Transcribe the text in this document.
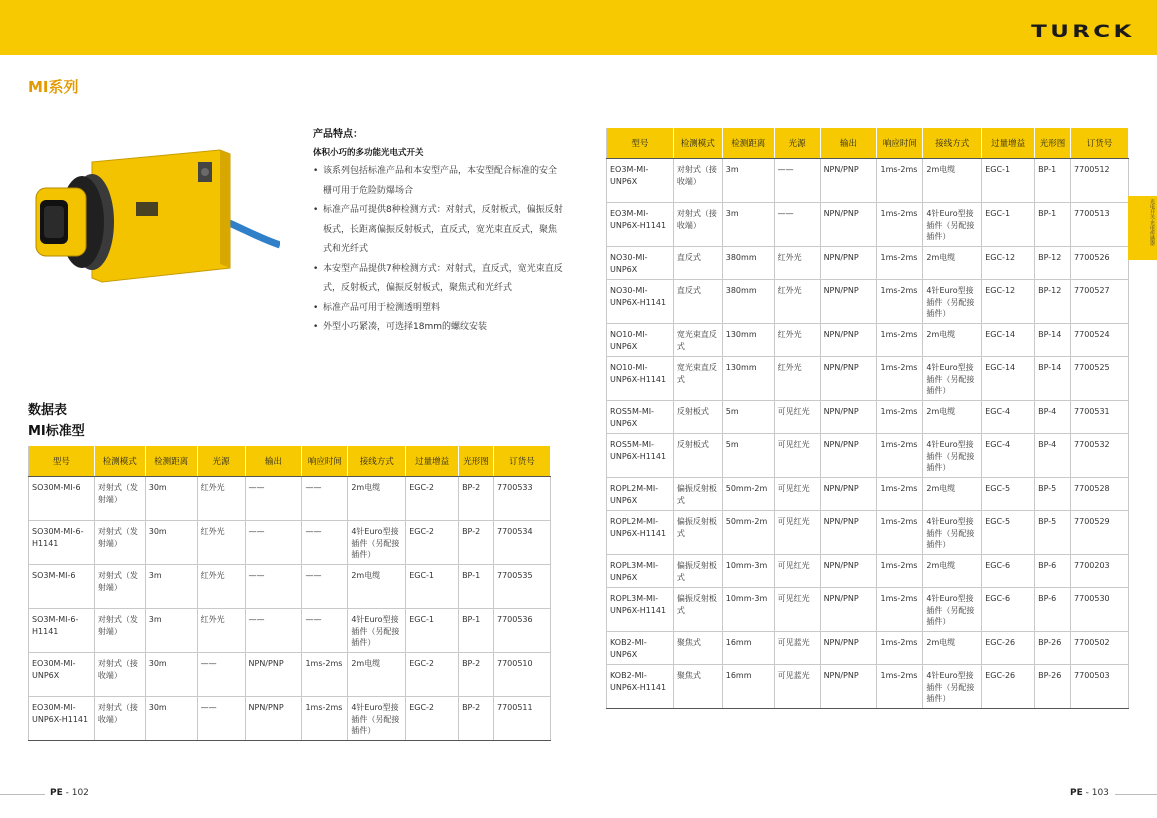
TURCK
MI系列
产品特点：
体积小巧的多功能光电式开关
• 该系列包括标准产品和本安型产品，本安型配合标准的安全栅可用于危险防爆场合
• 标准产品可提供8种检测方式：对射式，反射板式，偏振反射板式，长距离偏振反射板式，直反式，宽光束直反式，聚焦式和光纤式
• 本安型产品提供7种检测方式：对射式，直反式，宽光束直反式，反射板式，偏振反射板式，聚焦式和光纤式
• 标准产品可用于检测透明塑料
• 外型小巧紧凑，可选择18mm的螺纹安装
数据表
MI标准型
型号	检测模式	检测距离	光源	输出	响应时间	接线方式	过量增益	光形图	订货号
SO30M-MI-6	对射式（发射端）	30m	红外光	——	——	2m电缆	EGC-2	BP-2	7700533
SO30M-MI-6-H1141	对射式（发射端）	30m	红外光	——	——	4针Euro型接插件（另配接插件）	EGC-2	BP-2	7700534
SO3M-MI-6	对射式（发射端）	3m	红外光	——	——	2m电缆	EGC-1	BP-1	7700535
SO3M-MI-6-H1141	对射式（发射端）	3m	红外光	——	——	4针Euro型接插件（另配接插件）	EGC-1	BP-1	7700536
EO30M-MI-UNP6X	对射式（接收端）	30m	——	NPN/PNP	1ms-2ms	2m电缆	EGC-2	BP-2	7700510
EO30M-MI-UNP6X-H1141	对射式（接收端）	30m	——	NPN/PNP	1ms-2ms	4针Euro型接插件（另配接插件）	EGC-2	BP-2	7700511
型号	检测模式	检测距离	光源	输出	响应时间	接线方式	过量增益	光形图	订货号
EO3M-MI-UNP6X	对射式（接收端）	3m	——	NPN/PNP	1ms-2ms	2m电缆	EGC-1	BP-1	7700512
EO3M-MI-UNP6X-H1141	对射式（接收端）	3m	——	NPN/PNP	1ms-2ms	4针Euro型接插件（另配接插件）	EGC-1	BP-1	7700513
NO30-MI-UNP6X	直反式	380mm	红外光	NPN/PNP	1ms-2ms	2m电缆	EGC-12	BP-12	7700526
NO30-MI-UNP6X-H1141	直反式	380mm	红外光	NPN/PNP	1ms-2ms	4针Euro型接插件（另配接插件）	EGC-12	BP-12	7700527
NO10-MI-UNP6X	宽光束直反式	130mm	红外光	NPN/PNP	1ms-2ms	2m电缆	EGC-14	BP-14	7700524
NO10-MI-UNP6X-H1141	宽光束直反式	130mm	红外光	NPN/PNP	1ms-2ms	4针Euro型接插件（另配接插件）	EGC-14	BP-14	7700525
ROS5M-MI-UNP6X	反射板式	5m	可见红光	NPN/PNP	1ms-2ms	2m电缆	EGC-4	BP-4	7700531
ROS5M-MI-UNP6X-H1141	反射板式	5m	可见红光	NPN/PNP	1ms-2ms	4针Euro型接插件（另配接插件）	EGC-4	BP-4	7700532
ROPL2M-MI-UNP6X	偏振反射板式	50mm-2m	可见红光	NPN/PNP	1ms-2ms	2m电缆	EGC-5	BP-5	7700528
ROPL2M-MI-UNP6X-H1141	偏振反射板式	50mm-2m	可见红光	NPN/PNP	1ms-2ms	4针Euro型接插件（另配接插件）	EGC-5	BP-5	7700529
ROPL3M-MI-UNP6X	偏振反射板式	10mm-3m	可见红光	NPN/PNP	1ms-2ms	2m电缆	EGC-6	BP-6	7700203
ROPL3M-MI-UNP6X-H1141	偏振反射板式	10mm-3m	可见红光	NPN/PNP	1ms-2ms	4针Euro型接插件（另配接插件）	EGC-6	BP-6	7700530
KOB2-MI-UNP6X	聚焦式	16mm	可见蓝光	NPN/PNP	1ms-2ms	2m电缆	EGC-26	BP-26	7700502
KOB2-MI-UNP6X-H1141	聚焦式	16mm	可见蓝光	NPN/PNP	1ms-2ms	4针Euro型接插件（另配接插件）	EGC-26	BP-26	7700503
光电开关·光电传感器
PE - 102	PE - 103
